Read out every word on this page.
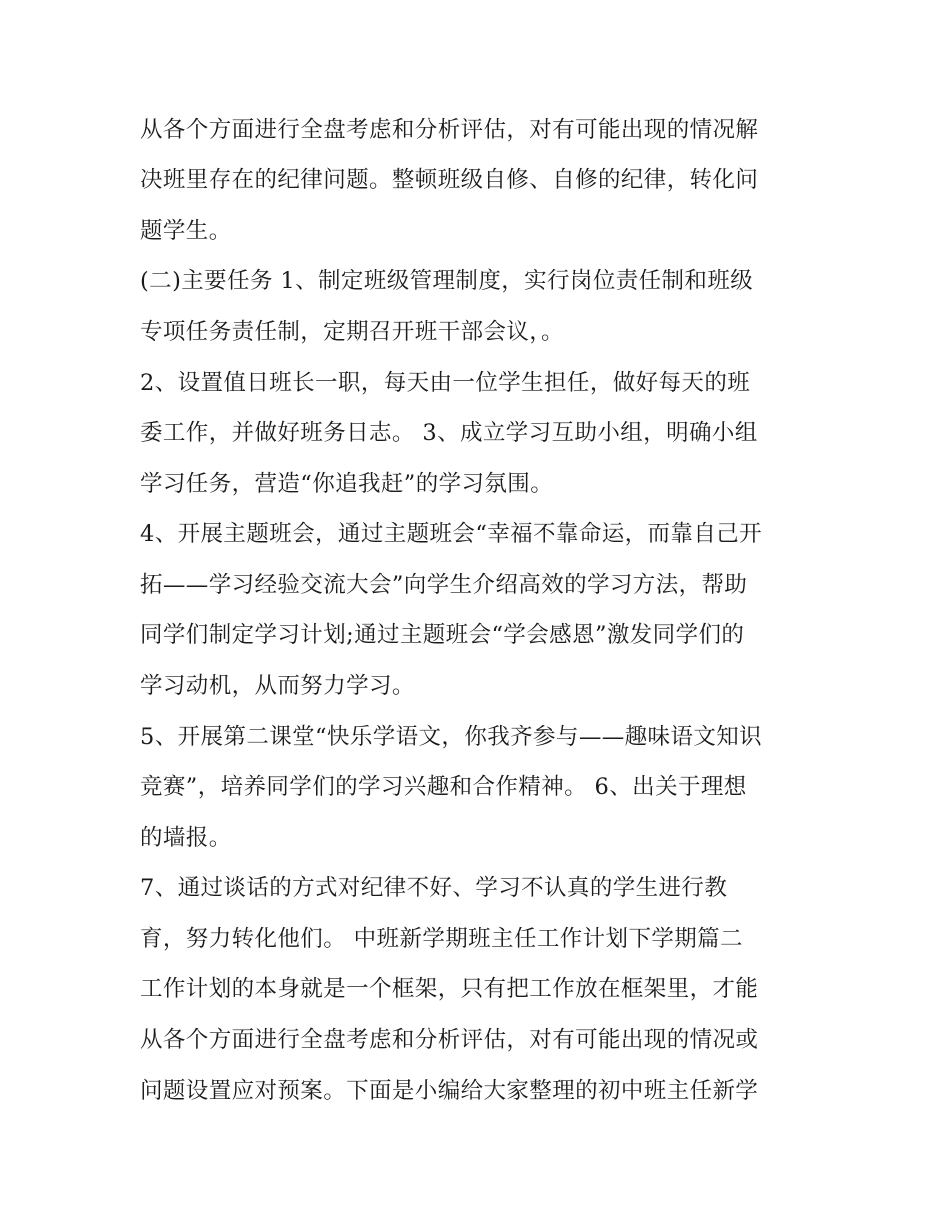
从各个方面进行全盘考虑和分析评估，对有可能出现的情况解
决班里存在的纪律问题。整顿班级自修、自修的纪律，转化问
题学生。
(二)主要任务 1、制定班级管理制度，实行岗位责任制和班级
专项任务责任制，定期召开班干部会议，。
2、设置值日班长一职，每天由一位学生担任，做好每天的班
委工作，并做好班务日志。 3、成立学习互助小组，明确小组
学习任务，营造“你追我赶”的学习氛围。
4、开展主题班会，通过主题班会“幸福不靠命运，而靠自己开
拓——学习经验交流大会”向学生介绍高效的学习方法，帮助
同学们制定学习计划;通过主题班会“学会感恩”激发同学们的
学习动机，从而努力学习。
5、开展第二课堂“快乐学语文，你我齐参与——趣味语文知识
竞赛”，培养同学们的学习兴趣和合作精神。 6、出关于理想
的墙报。
7、通过谈话的方式对纪律不好、学习不认真的学生进行教
育，努力转化他们。 中班新学期班主任工作计划下学期篇二
工作计划的本身就是一个框架，只有把工作放在框架里，才能
从各个方面进行全盘考虑和分析评估，对有可能出现的情况或
问题设置应对预案。下面是小编给大家整理的初中班主任新学
